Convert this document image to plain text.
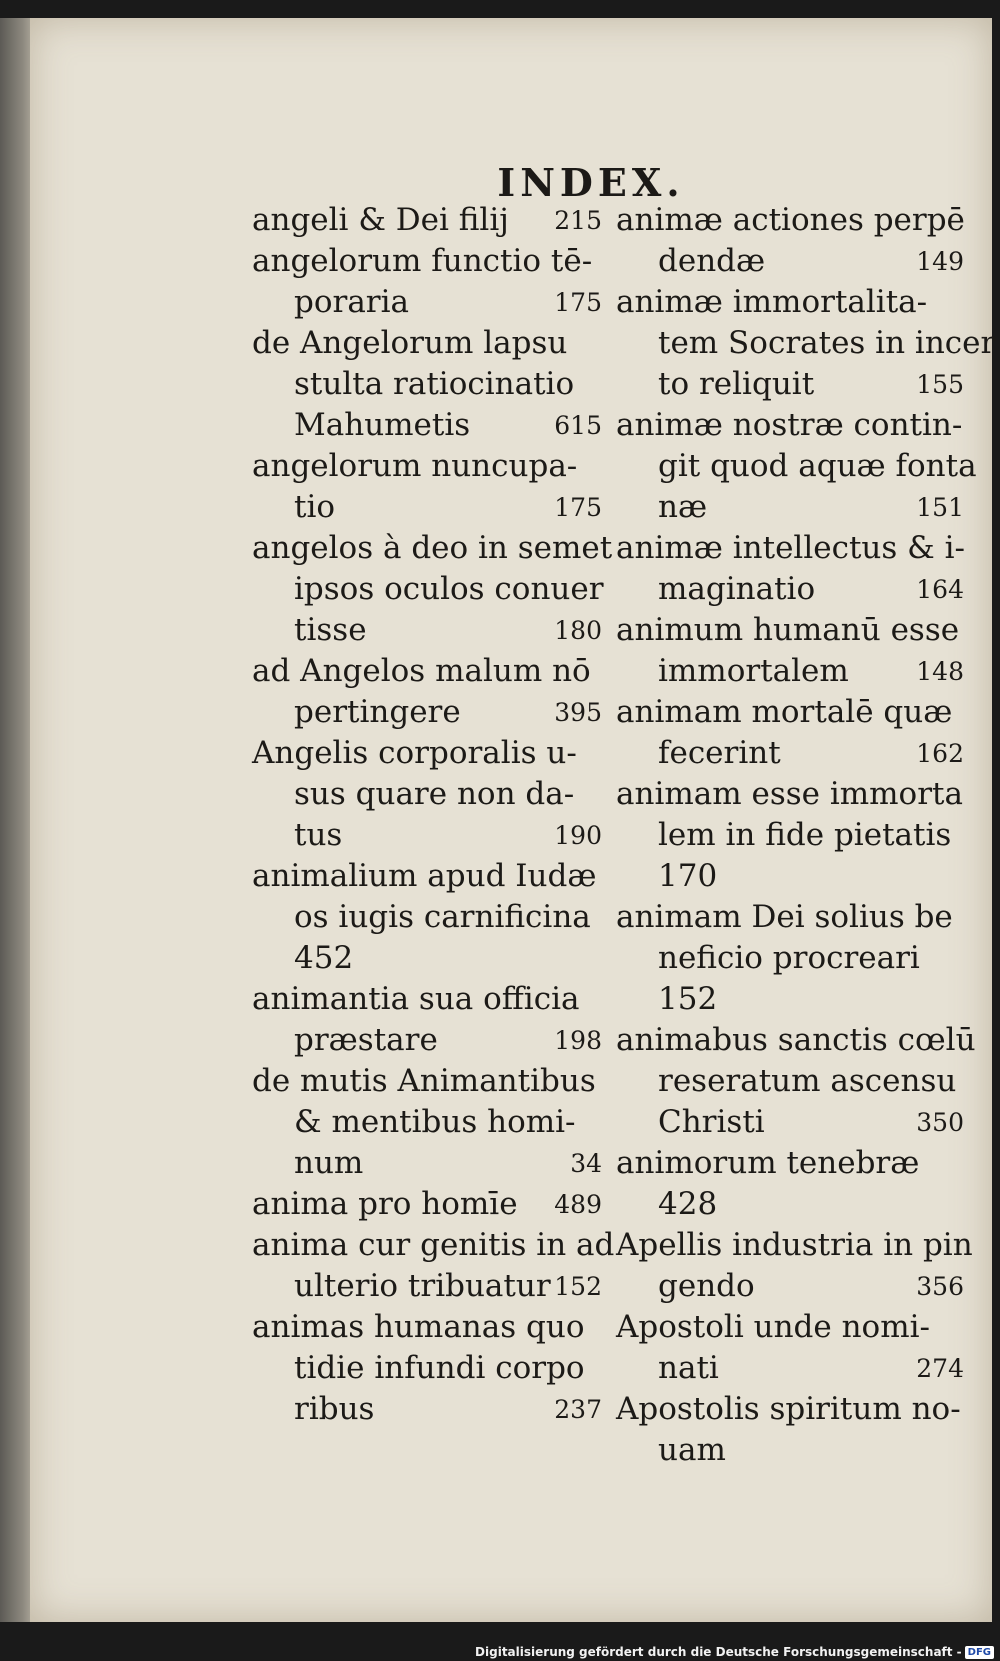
INDEX.
angeli & Dei filij 215
angelorum functio tē-
poraria	175
de Angelorum lapsu
stulta ratiocinatio
Mahumetis	615
angelorum nuncupa-
tio	175
angelos à deo in semet
ipsos oculos conuer
tisse	180
ad Angelos malum nō
pertingere	395
Angelis corporalis u-
sus quare non da-
tus	190
animalium apud Iudæ
os iugis carnificina
452
animantia sua officia
præstare	198
de mutis Animantibus
& mentibus homi-
num	34
anima pro homīe 489
anima cur genitis in ad
ulterio tribuatur 152
animas humanas quo
tidie infundi corpo
ribus	237
animæ actiones perpē
dendæ	149
animæ immortalita-
tem Socrates in incer
to reliquit	155
animæ nostræ contin-
git quod aquæ fonta
næ	151
animæ intellectus & i-
maginatio	164
animum humanū esse
immortalem	148
animam mortalē quæ
fecerint	162
animam esse immorta
lem in fide pietatis
170
animam Dei solius be
neficio procreari
152
animabus sanctis cœlū
reseratum ascensu
Christi	350
animorum tenebræ
428
Apellis industria in pin
gendo	356
Apostoli unde nomi-
nati	274
Apostolis spiritum no-
uam
Digitalisierung gefördert durch die Deutsche Forschungsgemeinschaft - DFG
